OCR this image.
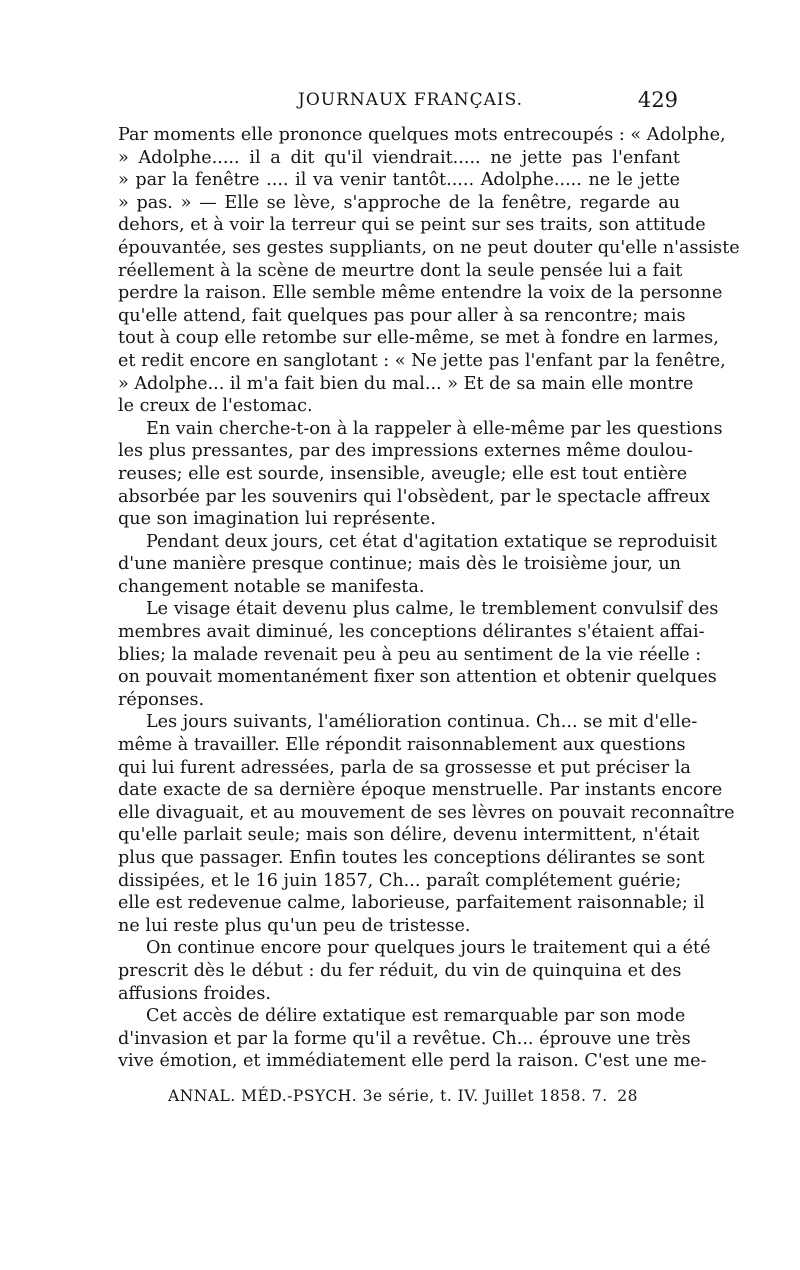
JOURNAUX FRANÇAIS.	429
Par moments elle prononce quelques mots entrecoupés : « Adolphe,
» Adolphe..... il a dit qu'il viendrait..... ne jette pas l'enfant
» par la fenêtre .... il va venir tantôt..... Adolphe..... ne le jette
» pas. » — Elle se lève, s'approche de la fenêtre, regarde au
dehors, et à voir la terreur qui se peint sur ses traits, son attitude
épouvantée, ses gestes suppliants, on ne peut douter qu'elle n'assiste
réellement à la scène de meurtre dont la seule pensée lui a fait
perdre la raison. Elle semble même entendre la voix de la personne
qu'elle attend, fait quelques pas pour aller à sa rencontre; mais
tout à coup elle retombe sur elle-même, se met à fondre en larmes,
et redit encore en sanglotant : « Ne jette pas l'enfant par la fenêtre,
» Adolphe... il m'a fait bien du mal... » Et de sa main elle montre
le creux de l'estomac.
En vain cherche-t-on à la rappeler à elle-même par les questions
les plus pressantes, par des impressions externes même doulou-
reuses; elle est sourde, insensible, aveugle; elle est tout entière
absorbée par les souvenirs qui l'obsèdent, par le spectacle affreux
que son imagination lui représente.
Pendant deux jours, cet état d'agitation extatique se reproduisit
d'une manière presque continue; mais dès le troisième jour, un
changement notable se manifesta.
Le visage était devenu plus calme, le tremblement convulsif des
membres avait diminué, les conceptions délirantes s'étaient affai-
blies; la malade revenait peu à peu au sentiment de la vie réelle :
on pouvait momentanément fixer son attention et obtenir quelques
réponses.
Les jours suivants, l'amélioration continua. Ch... se mit d'elle-
même à travailler. Elle répondit raisonnablement aux questions
qui lui furent adressées, parla de sa grossesse et put préciser la
date exacte de sa dernière époque menstruelle. Par instants encore
elle divaguait, et au mouvement de ses lèvres on pouvait reconnaître
qu'elle parlait seule; mais son délire, devenu intermittent, n'était
plus que passager. Enfin toutes les conceptions délirantes se sont
dissipées, et le 16 juin 1857, Ch... paraît complétement guérie;
elle est redevenue calme, laborieuse, parfaitement raisonnable; il
ne lui reste plus qu'un peu de tristesse.
On continue encore pour quelques jours le traitement qui a été
prescrit dès le début : du fer réduit, du vin de quinquina et des
affusions froides.
Cet accès de délire extatique est remarquable par son mode
d'invasion et par la forme qu'il a revêtue. Ch... éprouve une très
vive émotion, et immédiatement elle perd la raison. C'est une me-
ANNAL. MÉD.-PSYCH. 3e série, t. IV. Juillet 1858. 7. 28
